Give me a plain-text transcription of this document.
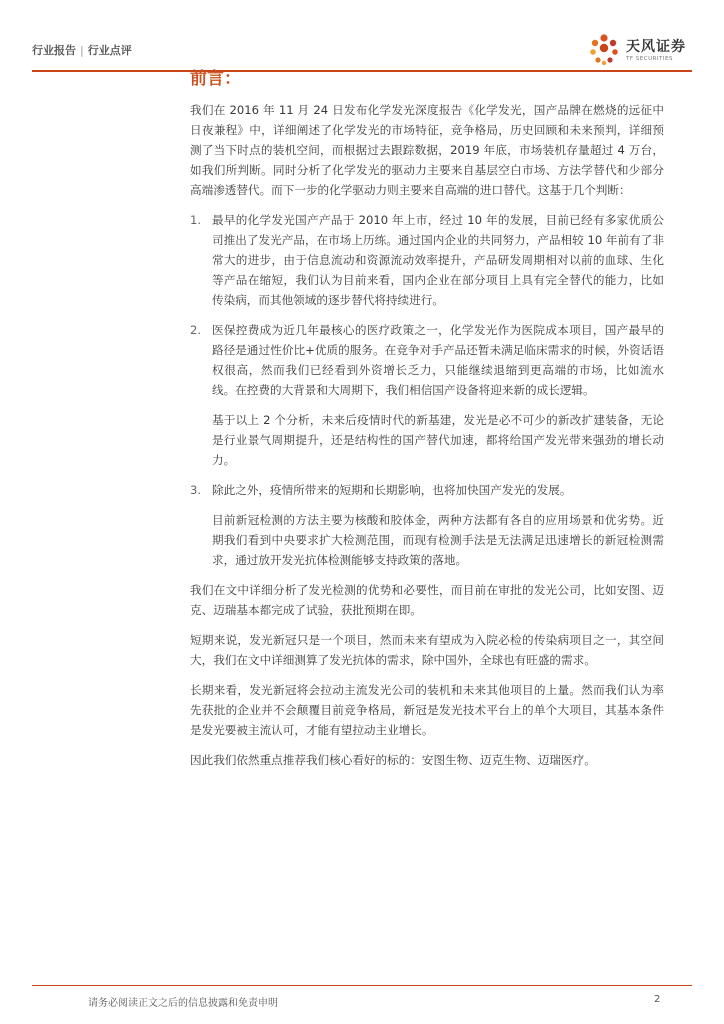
行业报告 | 行业点评	天风证券
TF SECURITIES
前言：

我们在 2016 年 11 月 24 日发布化学发光深度报告《化学发光，国产品牌在燃烧的远征中日夜兼程》中，详细阐述了化学发光的市场特征，竞争格局，历史回顾和未来预判，详细预测了当下时点的装机空间，而根据过去跟踪数据，2019 年底，市场装机存量超过 4 万台，如我们所判断。同时分析了化学发光的驱动力主要来自基层空白市场、方法学替代和少部分高端渗透替代。而下一步的化学驱动力则主要来自高端的进口替代。这基于几个判断：

1. 最早的化学发光国产产品于 2010 年上市，经过 10 年的发展，目前已经有多家优质公司推出了发光产品，在市场上历练。通过国内企业的共同努力，产品相较 10 年前有了非常大的进步，由于信息流动和资源流动效率提升，产品研发周期相对以前的血球、生化等产品在缩短，我们认为目前来看，国内企业在部分项目上具有完全替代的能力，比如传染病，而其他领域的逐步替代将持续进行。

2. 医保控费成为近几年最核心的医疗政策之一，化学发光作为医院成本项目，国产最早的路径是通过性价比+优质的服务。在竞争对手产品还暂未满足临床需求的时候，外资话语权很高，然而我们已经看到外资增长乏力，只能继续退缩到更高端的市场，比如流水线。在控费的大背景和大周期下，我们相信国产设备将迎来新的成长逻辑。

基于以上 2 个分析，未来后疫情时代的新基建，发光是必不可少的新改扩建装备，无论是行业景气周期提升，还是结构性的国产替代加速，都将给国产发光带来强劲的增长动力。

3. 除此之外，疫情所带来的短期和长期影响，也将加快国产发光的发展。

目前新冠检测的方法主要为核酸和胶体金，两种方法都有各自的应用场景和优劣势。近期我们看到中央要求扩大检测范围，而现有检测手法是无法满足迅速增长的新冠检测需求，通过放开发光抗体检测能够支持政策的落地。

我们在文中详细分析了发光检测的优势和必要性，而目前在审批的发光公司，比如安图、迈克、迈瑞基本都完成了试验，获批预期在即。

短期来说，发光新冠只是一个项目，然而未来有望成为入院必检的传染病项目之一，其空间大，我们在文中详细测算了发光抗体的需求，除中国外，全球也有旺盛的需求。

长期来看，发光新冠将会拉动主流发光公司的装机和未来其他项目的上量。然而我们认为率先获批的企业并不会颠覆目前竞争格局，新冠是发光技术平台上的单个大项目，其基本条件是发光要被主流认可，才能有望拉动主业增长。

因此我们依然重点推荐我们核心看好的标的：安图生物、迈克生物、迈瑞医疗。

请务必阅读正文之后的信息披露和免责申明	2
